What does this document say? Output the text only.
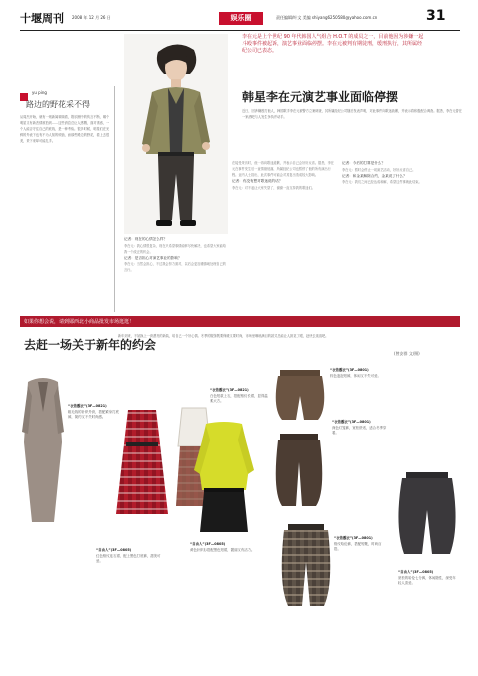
十堰周刊 2008 年 12 月 26 日	娱乐圈	责任编辑/叶文 美编 shiyang6250580@yahoo.com.cn	31
yu ping
路边的野花采不得
从周杰开始，就有一则新闻频频看，娱乐圈中的传言不断，哪个明星又有新恋情被拍到……这些消息总让人感慨，面对诱惑，一个人能否守住自己的底线，是一种考验。很多时候，明星们在光鲜的外表下也有不为人知的烦恼，而那些路边的野花，看上去很美，采下来却可能扎手。
李在元是上个世纪 90 年代韩国人气组合 H.O.T 的成员之一，目前他因为涉嫌一起斗殴事件被起诉，演艺事业面临停摆。李在元被判有期徒刑，缓刑执行，其所属经纪公司已表态。
韩星李在元演艺事业面临停摆
近日，因涉嫌殴打他人，韩国歌手李在元被警方立案调查，其所属经纪公司随后发表声明，对此事件向歌迷致歉，并表示将积极配合调查。据悉，李在元曾在一家酒吧与人发生争执并动手。
记者：现在的心情怎么样？
李在元：我心情很复杂，现在只希望事情能够尽快解决，也希望大家能给我一个改正的机会。
记者：是否担心对演艺事业的影响？
李在元：当然会担心，不过我会努力面对，以后会更加谨慎地处理自己的言行。
在接受采访时，他一再向歌迷道歉，并表示自己会好好反省。据悉，李在元在事件发生后一直情绪低落，所属经纪公司也暂停了他的所有演出行程。业内人士指出，此次事件可能会对其复出造成较大影响。
记者：有没有想对歌迷说的话？
李在元：对不起让大家失望了，谢谢一直支持我的歌迷们。
记者：今后的打算是什么？
李在元：暂时会停止一切演艺活动，好好反省自己。
记者：和金某解除合约，金某说了什么？
李在元：我们之间已经达成和解，希望这件事就此结束。
如果你想会说，请到郧西北小商品批发市场逛逛！
去赶一场关于新年的约会
新年到来，不妨换上一套漂亮的新装，给自己一个好心情。冬季的服饰既要保暖又要时尚，市场里琳琅满目的款式总能让人挑花了眼，赶快去逛逛吧。
(曾安群 文/摄)
“衣依靓衣”(3F—0821)
粗毛线的针织外套，搭配紧身打底裤，简约又不失时尚感。
“自由人”(3F—0805)
红色格纹连衣裙，配上黑色打底裤，甜美可爱。
“自由人”(3F—0805)
黄色针织衫搭配黑色短裙，靓丽又有活力。
“衣依靓衣”(3F—0821)
白色短款上衣，搭配格纹长裙，显得温柔大方。
“衣依靓衣”(3F—0801)
棕色泡泡短裤，休闲又不失可爱。
“衣依靓衣”(3F—0801)
深色灯笼裤，宽松舒适，适合冬季穿着。
“衣依靓衣”(3F—0801)
格纹哈伦裤，搭配短靴，时尚百搭。
“自由人”(3F—0805)
宽松的哈伦七分裤，休闲随性，深受年轻人喜爱。
